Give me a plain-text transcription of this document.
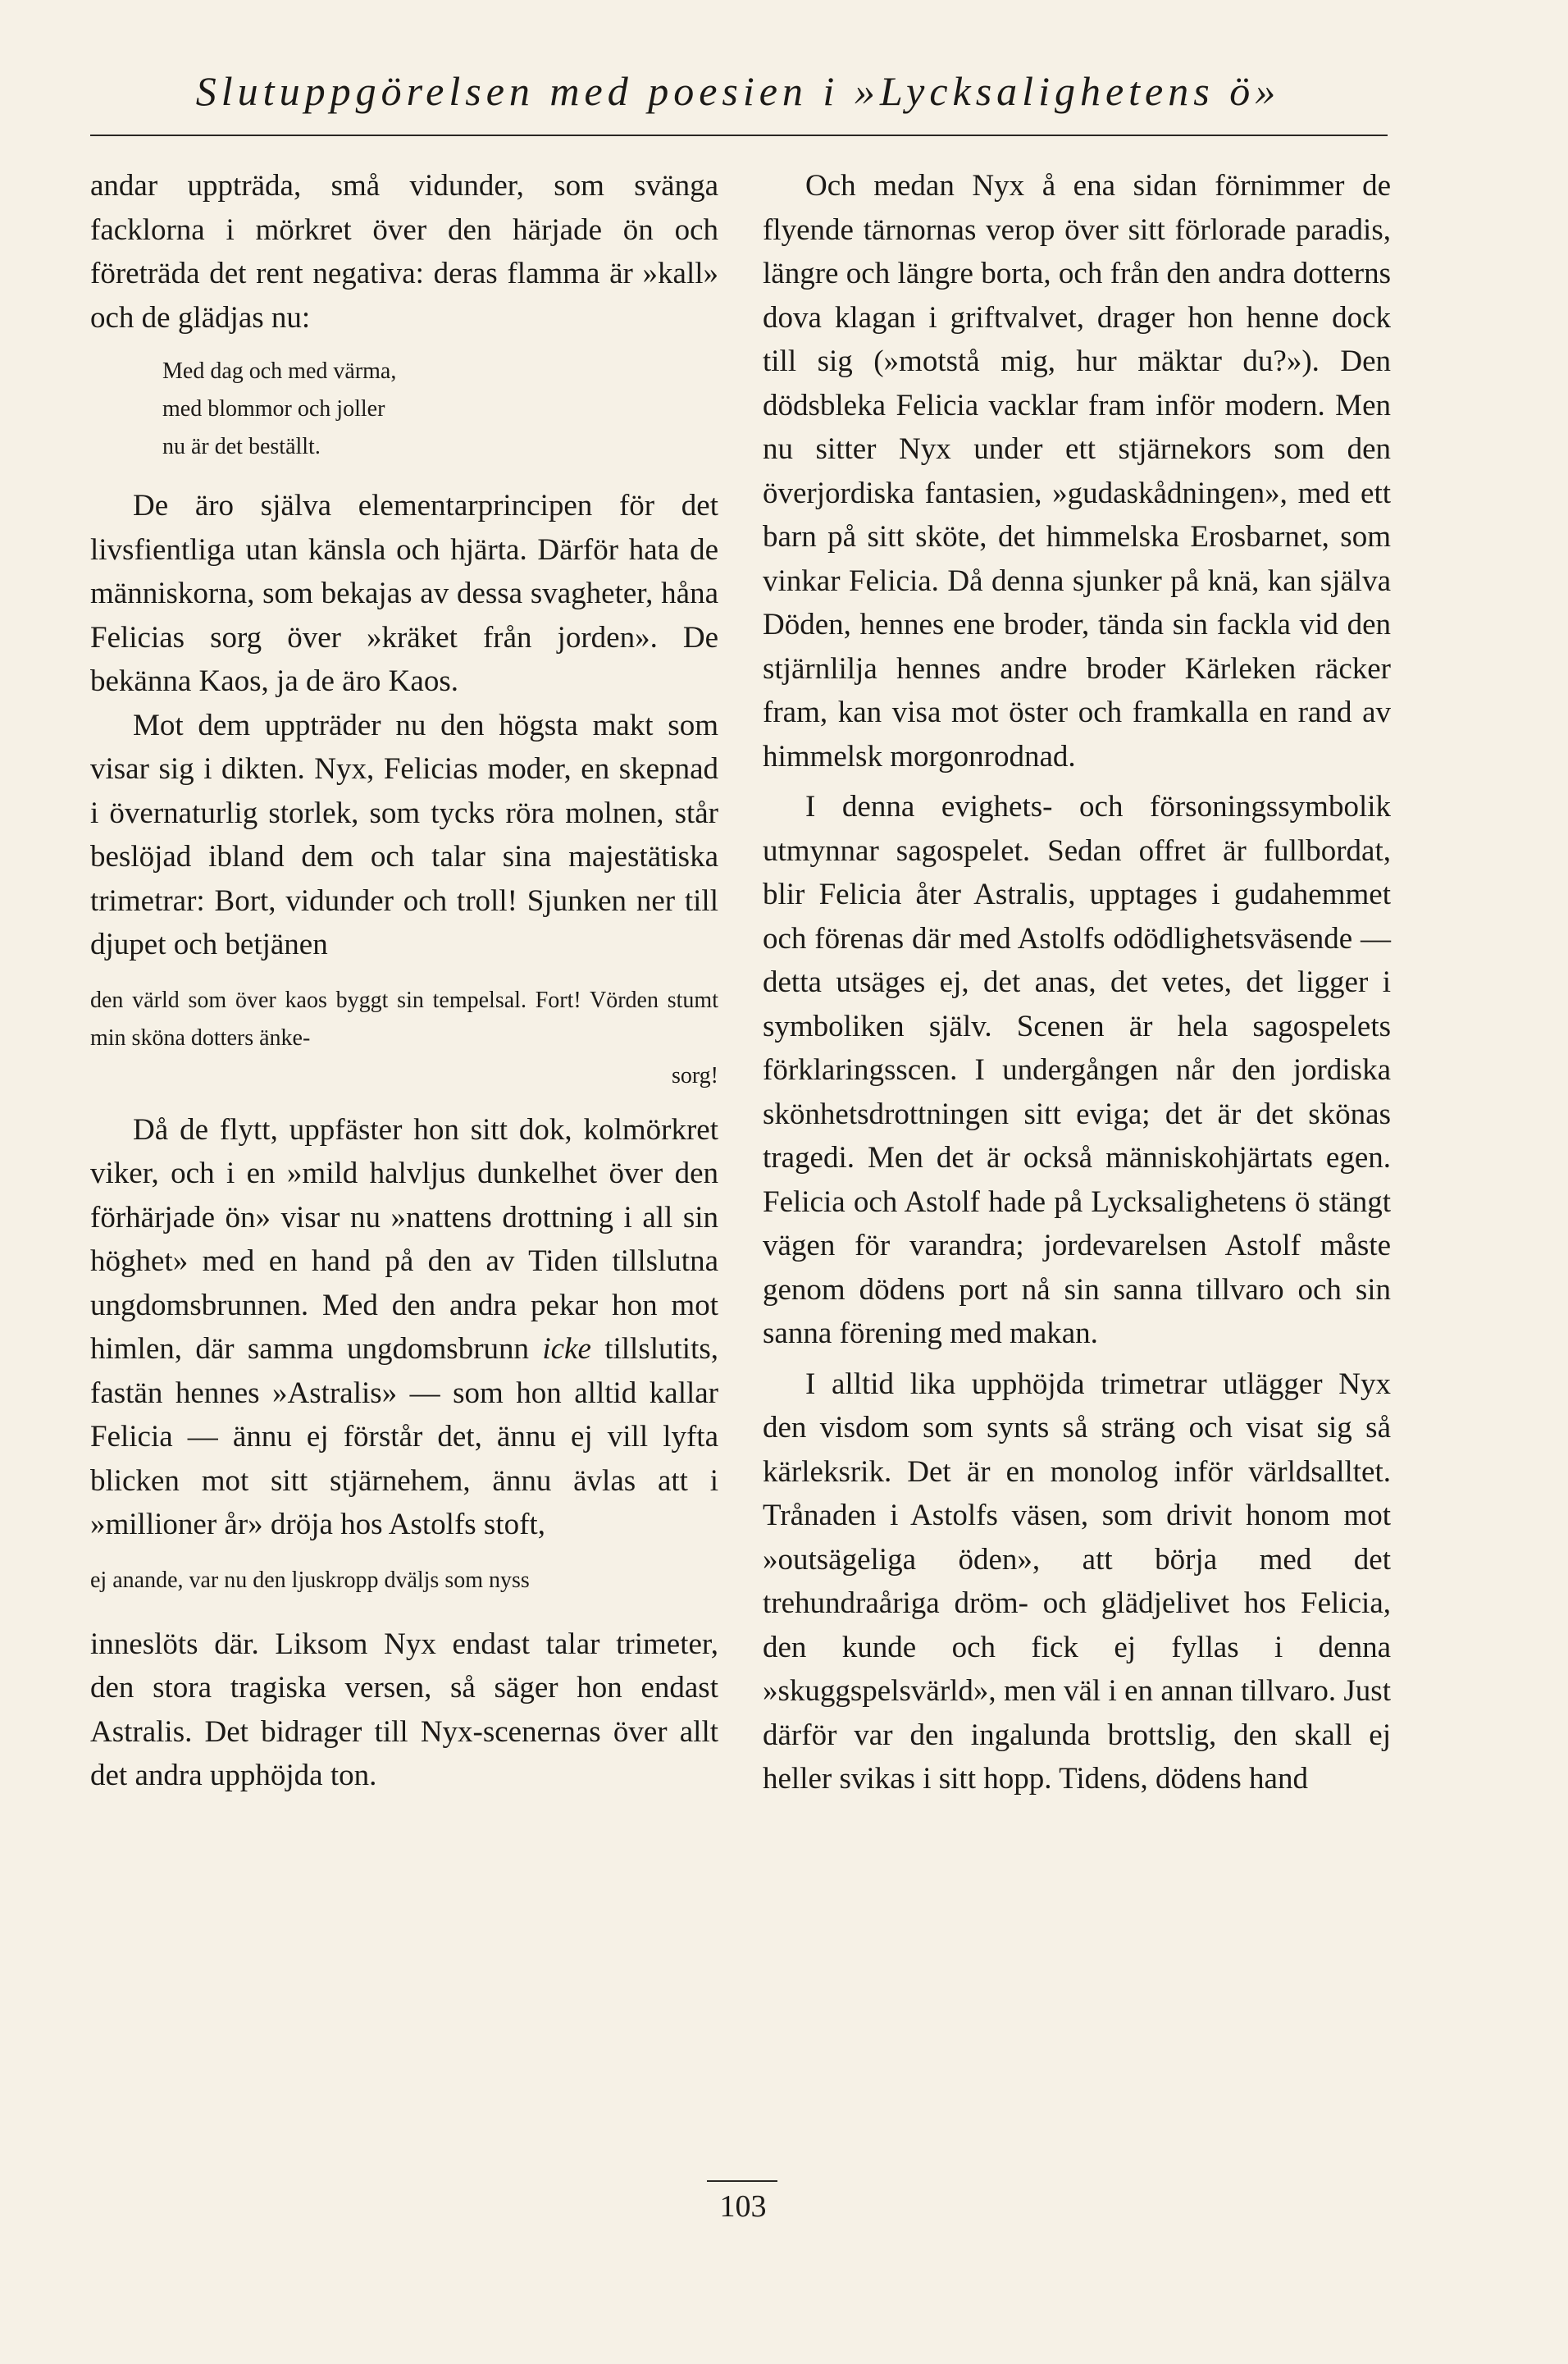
Slutuppgörelsen med poesien i »Lycksalighetens ö»

andar uppträda, små vidunder, som svänga facklorna i mörkret över den härjade ön och företräda det rent negativa: deras flamma är »kall» och de glädjas nu:

Med dag och med värma,
med blommor och joller
nu är det beställt.

De äro själva elementarprincipen för det livsfientliga utan känsla och hjärta. Därför hata de människorna, som bekajas av dessa svagheter, håna Felicias sorg över »kräket från jorden». De bekänna Kaos, ja de äro Kaos.

Mot dem uppträder nu den högsta makt som visar sig i dikten. Nyx, Felicias moder, en skepnad i övernaturlig storlek, som tycks röra molnen, står beslöjad ibland dem och talar sina majestätiska trimetrar: Bort, vidunder och troll! Sjunken ner till djupet och betjänen

den värld som över kaos byggt sin tempelsal. Fort! Vörden stumt min sköna dotters änke-
sorg!

Då de flytt, uppfäster hon sitt dok, kolmörkret viker, och i en »mild halvljus dunkelhet över den förhärjade ön» visar nu »nattens drottning i all sin höghet» med en hand på den av Tiden tillslutna ungdomsbrunnen. Med den andra pekar hon mot himlen, där samma ungdomsbrunn icke tillslutits, fastän hennes »Astralis» — som hon alltid kallar Felicia — ännu ej förstår det, ännu ej vill lyfta blicken mot sitt stjärnehem, ännu ävlas att i »millioner år» dröja hos Astolfs stoft,

ej anande, var nu den ljuskropp dväljs som nyss

inneslöts där. Liksom Nyx endast talar trimeter, den stora tragiska versen, så säger hon endast Astralis. Det bidrager till Nyx-scenernas över allt det andra upphöjda ton.

Och medan Nyx å ena sidan förnimmer de flyende tärnornas verop över sitt förlorade paradis, längre och längre borta, och från den andra dotterns dova klagan i griftvalvet, drager hon henne dock till sig (»motstå mig, hur mäktar du?»). Den dödsbleka Felicia vacklar fram inför modern. Men nu sitter Nyx under ett stjärnekors som den överjordiska fantasien, »gudaskådningen», med ett barn på sitt sköte, det himmelska Erosbarnet, som vinkar Felicia. Då denna sjunker på knä, kan själva Döden, hennes ene broder, tända sin fackla vid den stjärnlilja hennes andre broder Kärleken räcker fram, kan visa mot öster och framkalla en rand av himmelsk morgonrodnad.

I denna evighets- och försoningssymbolik utmynnar sagospelet. Sedan offret är fullbordat, blir Felicia åter Astralis, upptages i gudahemmet och förenas där med Astolfs odödlighetsväsende — detta utsäges ej, det anas, det vetes, det ligger i symboliken själv. Scenen är hela sagospelets förklaringsscen. I undergången når den jordiska skönhetsdrottningen sitt eviga; det är det skönas tragedi. Men det är också människohjärtats egen. Felicia och Astolf hade på Lycksalighetens ö stängt vägen för varandra; jordevarelsen Astolf måste genom dödens port nå sin sanna tillvaro och sin sanna förening med makan.

I alltid lika upphöjda trimetrar utlägger Nyx den visdom som synts så sträng och visat sig så kärleksrik. Det är en monolog inför världsalltet. Trånaden i Astolfs väsen, som drivit honom mot »outsägeliga öden», att börja med det trehundraåriga dröm- och glädjelivet hos Felicia, den kunde och fick ej fyllas i denna »skuggspelsvärld», men väl i en annan tillvaro. Just därför var den ingalunda brottslig, den skall ej heller svikas i sitt hopp. Tidens, dödens hand

103
